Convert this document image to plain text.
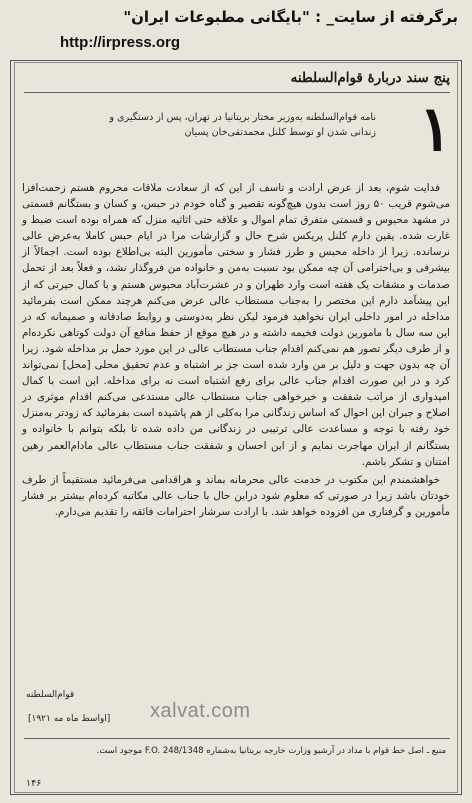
برگرفته از سایت_ : "بایگانی مطبوعات ایران"
http://irpress.org
پنج سند دربارهٔ قوام‌السلطنه
۱
نامه قوام‌السلطنه به‌وزیر مختار بریتانیا در تهران، پس از دستگیری و زندانی شدن او توسط کلنل محمدتقی‌خان پسیان

فدایت شوم، بعد از عرض ارادت و تاسف از این که از سعادت ملاقات محروم هستم زحمت‌افزا می‌شوم قریب ۵۰ روز است بدون هیچ‌گونه تقصیر و گناه خودم در حبس، و کسان و بستگانم قسمتی در مشهد محبوس و قسمتی متفرق تمام اموال و علاقه حتی اثاثیه منزل که همراه بوده است ضبط و غارت شده. یقین دارم کلنل پریکس شرح حال و گزارشات مرا در ایام حبس کاملا به‌عرض عالی نرسانده. زیرا از داخله محبس و طرز فشار و سختی مأمورین البته بی‌اطلاع بوده است. اجمالاً از بیشرفی و بی‌احترامی آن چه ممکن بود نسبت به‌من و خانواده من فروگذار نشد، و فعلاً بعد از تحمل صدمات و مشقات یک هفته است وارد طهران و در عشرت‌آباد محبوس هستم و با کمال حیرتی که از این پیشآمد دارم این مختصر را به‌جناب مستطاب عالی عرض می‌کنم هرچند ممکن است بفرمائید مداخله در امور داخلی ایران نخواهید فرمود لیکن نظر به‌دوستی و روابط صادقانه و صمیمانه که در این سه سال با مامورین دولت فخیمه داشته و در هیچ موقع از حفظ منافع آن دولت کوتاهی نکرده‌ام و از طرف دیگر تصور هم نمی‌کنم اقدام جناب مستطاب عالی در این مورد حمل بر مداخله شود. زیرا آن چه بدون جهت و دلیل بر من وارد شده است جز بر اشتباه و عدم تحقیق محلی [محل] نمی‌تواند کرد و در این صورت اقدام جناب عالی برای رفع اشتباه است نه برای مداخله. این است با کمال امیدواری از مراتب شفقت و خیرخواهی جناب مستطاب عالی مستدعی می‌کنم اقدام موثری در اصلاح و جبران این احوال که اساس زندگانی مرا به‌کلی از هم پاشیده است بفرمائید که زودتر به‌منزل خود رفته با توجه و مساعدت عالی ترتیبی در زندگانی من داده شده تا بلکه بتوانم با خانواده و بستگانم از ایران مهاجرت نمایم و از این احسان و شفقت جناب مستطاب عالی مادام‌العمر رهین امتنان و تشکر باشم.

خواهشمندم این مکتوب در خدمت عالی محرمانه بماند و هراقدامی می‌فرمائید مستقیماً از طرف خودتان باشد زیرا در صورتی که معلوم شود دراین حال با جناب عالی مکاتبه کرده‌ام بیشتر بر فشار مأمورین و گرفتاری من افزوده خواهد شد. با ارادت سرشار احترامات فائقه را تقدیم می‌دارم.

قوام‌السلطنه
xalvat.com
[اواسط ماه مه ۱۹۲۱]
منبع ـ اصل خط قوام با مداد در آرشیو وزارت خارجه بریتانیا به‌شماره F.O. 248/1348 موجود است.
۱۴۶
